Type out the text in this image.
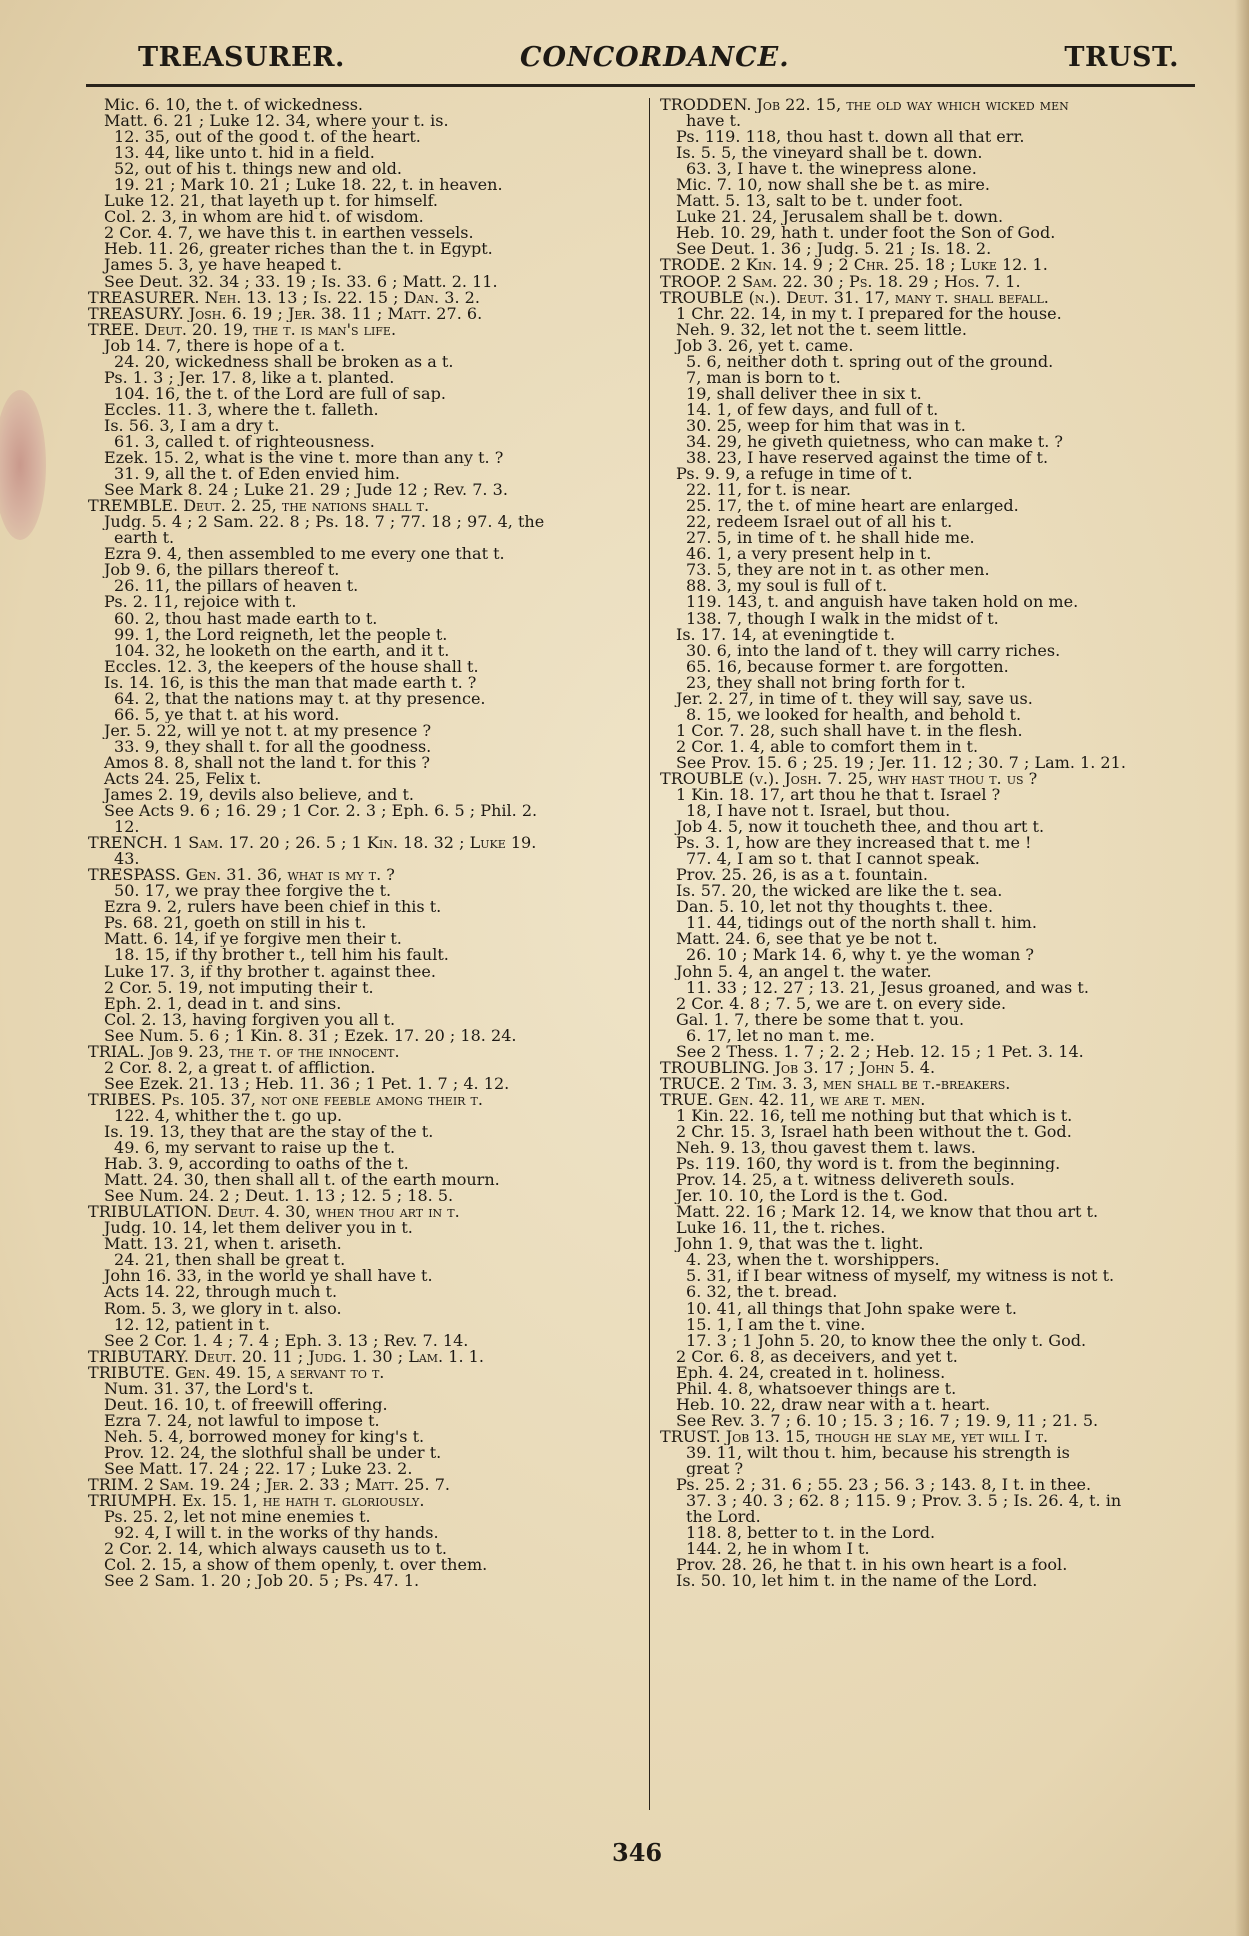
TREASURER.	CONCORDANCE.	TRUST.
Mic. 6. 10, the t. of wickedness.
Matt. 6. 21 ; Luke 12. 34, where your t. is.
12. 35, out of the good t. of the heart.
13. 44, like unto t. hid in a field.
52, out of his t. things new and old.
19. 21 ; Mark 10. 21 ; Luke 18. 22, t. in heaven.
Luke 12. 21, that layeth up t. for himself.
Col. 2. 3, in whom are hid t. of wisdom.
2 Cor. 4. 7, we have this t. in earthen vessels.
Heb. 11. 26, greater riches than the t. in Egypt.
James 5. 3, ye have heaped t.
See Deut. 32. 34 ; 33. 19 ; Is. 33. 6 ; Matt. 2. 11.
TREASURER. Neh. 13. 13 ; Is. 22. 15 ; Dan. 3. 2.
TREASURY. Josh. 6. 19 ; Jer. 38. 11 ; Matt. 27. 6.
TREE. Deut. 20. 19, the t. is man's life.
Job 14. 7, there is hope of a t.
24. 20, wickedness shall be broken as a t.
Ps. 1. 3 ; Jer. 17. 8, like a t. planted.
104. 16, the t. of the Lord are full of sap.
Eccles. 11. 3, where the t. falleth.
Is. 56. 3, I am a dry t.
61. 3, called t. of righteousness.
Ezek. 15. 2, what is the vine t. more than any t. ?
31. 9, all the t. of Eden envied him.
See Mark 8. 24 ; Luke 21. 29 ; Jude 12 ; Rev. 7. 3.
TREMBLE. Deut. 2. 25, the nations shall t.
Judg. 5. 4 ; 2 Sam. 22. 8 ; Ps. 18. 7 ; 77. 18 ; 97. 4, the
earth t.
Ezra 9. 4, then assembled to me every one that t.
Job 9. 6, the pillars thereof t.
26. 11, the pillars of heaven t.
Ps. 2. 11, rejoice with t.
60. 2, thou hast made earth to t.
99. 1, the Lord reigneth, let the people t.
104. 32, he looketh on the earth, and it t.
Eccles. 12. 3, the keepers of the house shall t.
Is. 14. 16, is this the man that made earth t. ?
64. 2, that the nations may t. at thy presence.
66. 5, ye that t. at his word.
Jer. 5. 22, will ye not t. at my presence ?
33. 9, they shall t. for all the goodness.
Amos 8. 8, shall not the land t. for this ?
Acts 24. 25, Felix t.
James 2. 19, devils also believe, and t.
See Acts 9. 6 ; 16. 29 ; 1 Cor. 2. 3 ; Eph. 6. 5 ; Phil. 2.
12.
TRENCH. 1 Sam. 17. 20 ; 26. 5 ; 1 Kin. 18. 32 ; Luke 19.
43.
TRESPASS. Gen. 31. 36, what is my t. ?
50. 17, we pray thee forgive the t.
Ezra 9. 2, rulers have been chief in this t.
Ps. 68. 21, goeth on still in his t.
Matt. 6. 14, if ye forgive men their t.
18. 15, if thy brother t., tell him his fault.
Luke 17. 3, if thy brother t. against thee.
2 Cor. 5. 19, not imputing their t.
Eph. 2. 1, dead in t. and sins.
Col. 2. 13, having forgiven you all t.
See Num. 5. 6 ; 1 Kin. 8. 31 ; Ezek. 17. 20 ; 18. 24.
TRIAL. Job 9. 23, the t. of the innocent.
2 Cor. 8. 2, a great t. of affliction.
See Ezek. 21. 13 ; Heb. 11. 36 ; 1 Pet. 1. 7 ; 4. 12.
TRIBES. Ps. 105. 37, not one feeble among their t.
122. 4, whither the t. go up.
Is. 19. 13, they that are the stay of the t.
49. 6, my servant to raise up the t.
Hab. 3. 9, according to oaths of the t.
Matt. 24. 30, then shall all t. of the earth mourn.
See Num. 24. 2 ; Deut. 1. 13 ; 12. 5 ; 18. 5.
TRIBULATION. Deut. 4. 30, when thou art in t.
Judg. 10. 14, let them deliver you in t.
Matt. 13. 21, when t. ariseth.
24. 21, then shall be great t.
John 16. 33, in the world ye shall have t.
Acts 14. 22, through much t.
Rom. 5. 3, we glory in t. also.
12. 12, patient in t.
See 2 Cor. 1. 4 ; 7. 4 ; Eph. 3. 13 ; Rev. 7. 14.
TRIBUTARY. Deut. 20. 11 ; Judg. 1. 30 ; Lam. 1. 1.
TRIBUTE. Gen. 49. 15, a servant to t.
Num. 31. 37, the Lord's t.
Deut. 16. 10, t. of freewill offering.
Ezra 7. 24, not lawful to impose t.
Neh. 5. 4, borrowed money for king's t.
Prov. 12. 24, the slothful shall be under t.
See Matt. 17. 24 ; 22. 17 ; Luke 23. 2.
TRIM. 2 Sam. 19. 24 ; Jer. 2. 33 ; Matt. 25. 7.
TRIUMPH. Ex. 15. 1, he hath t. gloriously.
Ps. 25. 2, let not mine enemies t.
92. 4, I will t. in the works of thy hands.
2 Cor. 2. 14, which always causeth us to t.
Col. 2. 15, a show of them openly, t. over them.
See 2 Sam. 1. 20 ; Job 20. 5 ; Ps. 47. 1.
TRODDEN. Job 22. 15, the old way which wicked men
have t.
Ps. 119. 118, thou hast t. down all that err.
Is. 5. 5, the vineyard shall be t. down.
63. 3, I have t. the winepress alone.
Mic. 7. 10, now shall she be t. as mire.
Matt. 5. 13, salt to be t. under foot.
Luke 21. 24, Jerusalem shall be t. down.
Heb. 10. 29, hath t. under foot the Son of God.
See Deut. 1. 36 ; Judg. 5. 21 ; Is. 18. 2.
TRODE. 2 Kin. 14. 9 ; 2 Chr. 25. 18 ; Luke 12. 1.
TROOP. 2 Sam. 22. 30 ; Ps. 18. 29 ; Hos. 7. 1.
TROUBLE (n.). Deut. 31. 17, many t. shall befall.
1 Chr. 22. 14, in my t. I prepared for the house.
Neh. 9. 32, let not the t. seem little.
Job 3. 26, yet t. came.
5. 6, neither doth t. spring out of the ground.
7, man is born to t.
19, shall deliver thee in six t.
14. 1, of few days, and full of t.
30. 25, weep for him that was in t.
34. 29, he giveth quietness, who can make t. ?
38. 23, I have reserved against the time of t.
Ps. 9. 9, a refuge in time of t.
22. 11, for t. is near.
25. 17, the t. of mine heart are enlarged.
22, redeem Israel out of all his t.
27. 5, in time of t. he shall hide me.
46. 1, a very present help in t.
73. 5, they are not in t. as other men.
88. 3, my soul is full of t.
119. 143, t. and anguish have taken hold on me.
138. 7, though I walk in the midst of t.
Is. 17. 14, at eveningtide t.
30. 6, into the land of t. they will carry riches.
65. 16, because former t. are forgotten.
23, they shall not bring forth for t.
Jer. 2. 27, in time of t. they will say, save us.
8. 15, we looked for health, and behold t.
1 Cor. 7. 28, such shall have t. in the flesh.
2 Cor. 1. 4, able to comfort them in t.
See Prov. 15. 6 ; 25. 19 ; Jer. 11. 12 ; 30. 7 ; Lam. 1. 21.
TROUBLE (v.). Josh. 7. 25, why hast thou t. us ?
1 Kin. 18. 17, art thou he that t. Israel ?
18, I have not t. Israel, but thou.
Job 4. 5, now it toucheth thee, and thou art t.
Ps. 3. 1, how are they increased that t. me !
77. 4, I am so t. that I cannot speak.
Prov. 25. 26, is as a t. fountain.
Is. 57. 20, the wicked are like the t. sea.
Dan. 5. 10, let not thy thoughts t. thee.
11. 44, tidings out of the north shall t. him.
Matt. 24. 6, see that ye be not t.
26. 10 ; Mark 14. 6, why t. ye the woman ?
John 5. 4, an angel t. the water.
11. 33 ; 12. 27 ; 13. 21, Jesus groaned, and was t.
2 Cor. 4. 8 ; 7. 5, we are t. on every side.
Gal. 1. 7, there be some that t. you.
6. 17, let no man t. me.
See 2 Thess. 1. 7 ; 2. 2 ; Heb. 12. 15 ; 1 Pet. 3. 14.
TROUBLING. Job 3. 17 ; John 5. 4.
TRUCE. 2 Tim. 3. 3, men shall be t.-breakers.
TRUE. Gen. 42. 11, we are t. men.
1 Kin. 22. 16, tell me nothing but that which is t.
2 Chr. 15. 3, Israel hath been without the t. God.
Neh. 9. 13, thou gavest them t. laws.
Ps. 119. 160, thy word is t. from the beginning.
Prov. 14. 25, a t. witness delivereth souls.
Jer. 10. 10, the Lord is the t. God.
Matt. 22. 16 ; Mark 12. 14, we know that thou art t.
Luke 16. 11, the t. riches.
John 1. 9, that was the t. light.
4. 23, when the t. worshippers.
5. 31, if I bear witness of myself, my witness is not t.
6. 32, the t. bread.
10. 41, all things that John spake were t.
15. 1, I am the t. vine.
17. 3 ; 1 John 5. 20, to know thee the only t. God.
2 Cor. 6. 8, as deceivers, and yet t.
Eph. 4. 24, created in t. holiness.
Phil. 4. 8, whatsoever things are t.
Heb. 10. 22, draw near with a t. heart.
See Rev. 3. 7 ; 6. 10 ; 15. 3 ; 16. 7 ; 19. 9, 11 ; 21. 5.
TRUST. Job 13. 15, though he slay me, yet will I t.
39. 11, wilt thou t. him, because his strength is
great ?
Ps. 25. 2 ; 31. 6 ; 55. 23 ; 56. 3 ; 143. 8, I t. in thee.
37. 3 ; 40. 3 ; 62. 8 ; 115. 9 ; Prov. 3. 5 ; Is. 26. 4, t. in
the Lord.
118. 8, better to t. in the Lord.
144. 2, he in whom I t.
Prov. 28. 26, he that t. in his own heart is a fool.
Is. 50. 10, let him t. in the name of the Lord.
346
